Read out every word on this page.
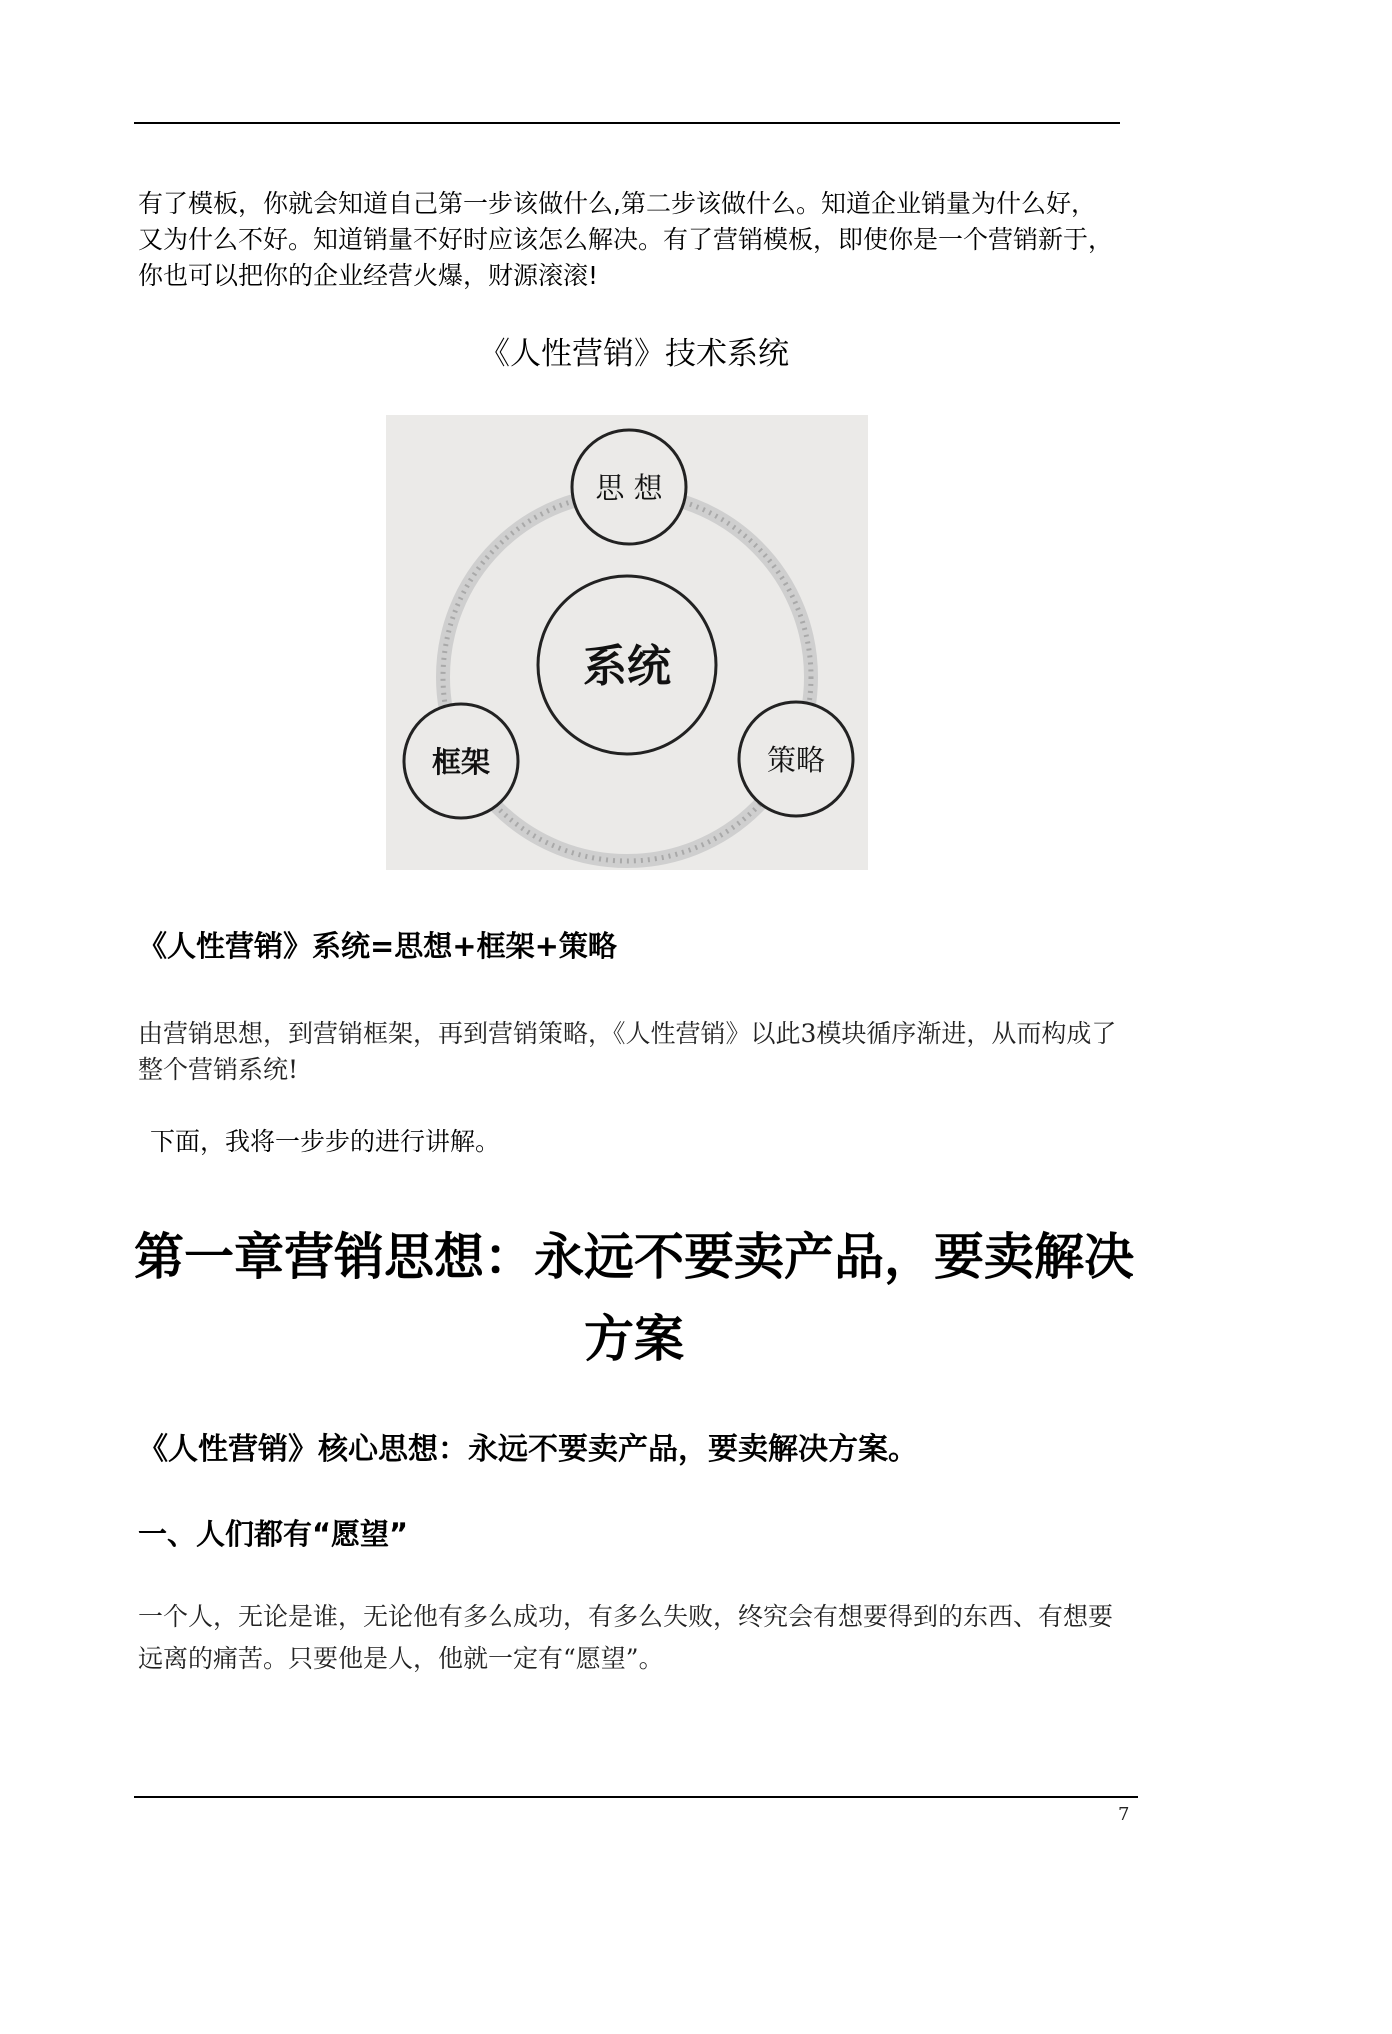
有了模板，你就会知道自己第一步该做什么,第二步该做什么。知道企业销量为什么好，又为什么不好。知道销量不好时应该怎么解决。有了营销模板，即使你是一个营销新于，你也可以把你的企业经营火爆，财源滚滚!

《人性营销》技术系统

系统
思 想
框架	策略

《人性营销》系统=思想+框架+策略

由营销思想，到营销框架，再到营销策略，《人性营销》以此3模块循序渐进，从而构成了整个营销系统!

下面，我将一步步的进行讲解。

第一章营销思想：永远不要卖产品，要卖解决方案

《人性营销》核心思想：永远不要卖产品，要卖解决方案。

一、人们都有“愿望”

一个人，无论是谁，无论他有多么成功，有多么失败，终究会有想要得到的东西、有想要远离的痛苦。只要他是人，他就一定有“愿望”。

7
